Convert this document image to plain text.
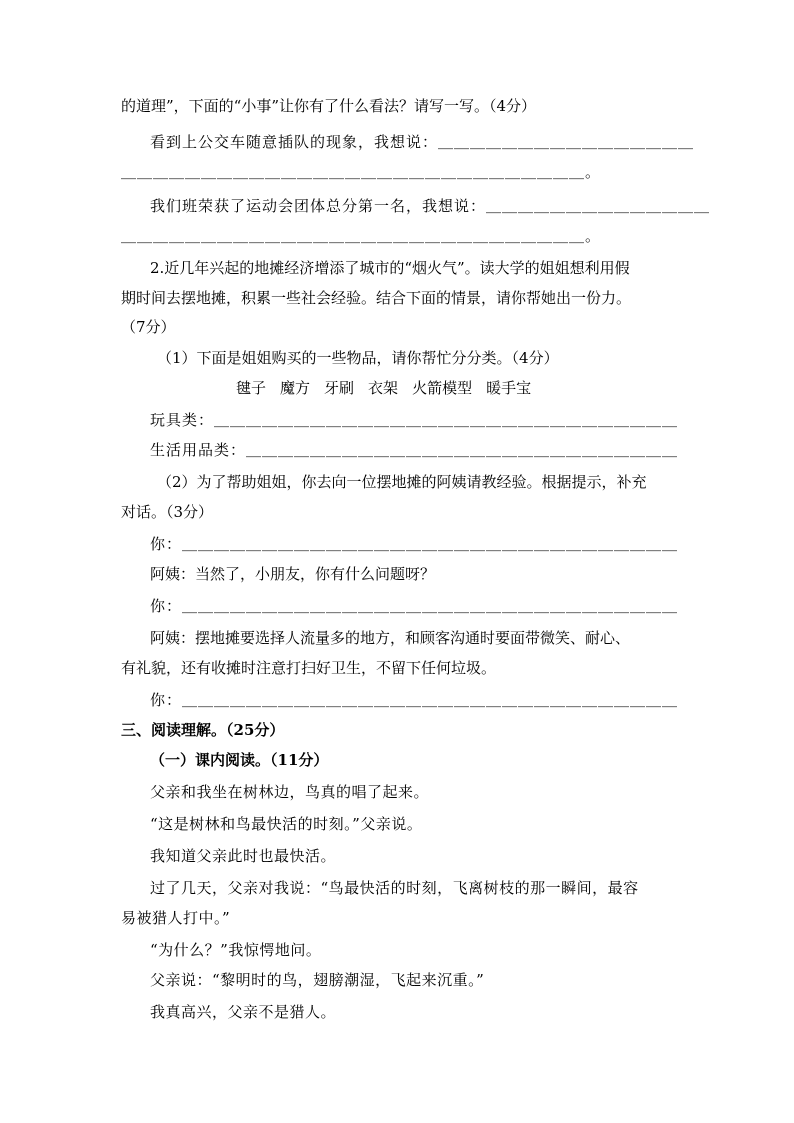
的道理”，下面的“小事”让你有了什么看法？请写一写。（4分）
看到上公交车随意插队的现象，我想说：＿＿＿＿＿＿＿＿＿＿＿＿＿＿＿＿
＿＿＿＿＿＿＿＿＿＿＿＿＿＿＿＿＿＿＿＿＿＿＿＿＿＿＿＿＿。
我们班荣获了运动会团体总分第一名，我想说：＿＿＿＿＿＿＿＿＿＿＿＿＿＿
＿＿＿＿＿＿＿＿＿＿＿＿＿＿＿＿＿＿＿＿＿＿＿＿＿＿＿＿＿。
2.近几年兴起的地摊经济增添了城市的“烟火气”。读大学的姐姐想利用假
期时间去摆地摊，积累一些社会经验。结合下面的情景，请你帮她出一份力。
（7分）
（1）下面是姐姐购买的一些物品，请你帮忙分分类。（4分）
毽子 魔方 牙刷 衣架 火箭模型 暖手宝
玩具类：＿＿＿＿＿＿＿＿＿＿＿＿＿＿＿＿＿＿＿＿＿＿＿＿＿＿＿＿＿
生活用品类：＿＿＿＿＿＿＿＿＿＿＿＿＿＿＿＿＿＿＿＿＿＿＿＿＿＿＿
（2）为了帮助姐姐，你去向一位摆地摊的阿姨请教经验。根据提示，补充
对话。（3分）
你：＿＿＿＿＿＿＿＿＿＿＿＿＿＿＿＿＿＿＿＿＿＿＿＿＿＿＿＿＿＿＿
阿姨：当然了，小朋友，你有什么问题呀？
你：＿＿＿＿＿＿＿＿＿＿＿＿＿＿＿＿＿＿＿＿＿＿＿＿＿＿＿＿＿＿＿
阿姨：摆地摊要选择人流量多的地方，和顾客沟通时要面带微笑、耐心、
有礼貌，还有收摊时注意打扫好卫生，不留下任何垃圾。
你：＿＿＿＿＿＿＿＿＿＿＿＿＿＿＿＿＿＿＿＿＿＿＿＿＿＿＿＿＿＿＿
三、阅读理解。（25分）
（一）课内阅读。（11分）
父亲和我坐在树林边，鸟真的唱了起来。
“这是树林和鸟最快活的时刻。”父亲说。
我知道父亲此时也最快活。
过了几天，父亲对我说：“鸟最快活的时刻，飞离树枝的那一瞬间，最容
易被猎人打中。”
“为什么？”我惊愕地问。
父亲说：“黎明时的鸟，翅膀潮湿，飞起来沉重。”
我真高兴，父亲不是猎人。
